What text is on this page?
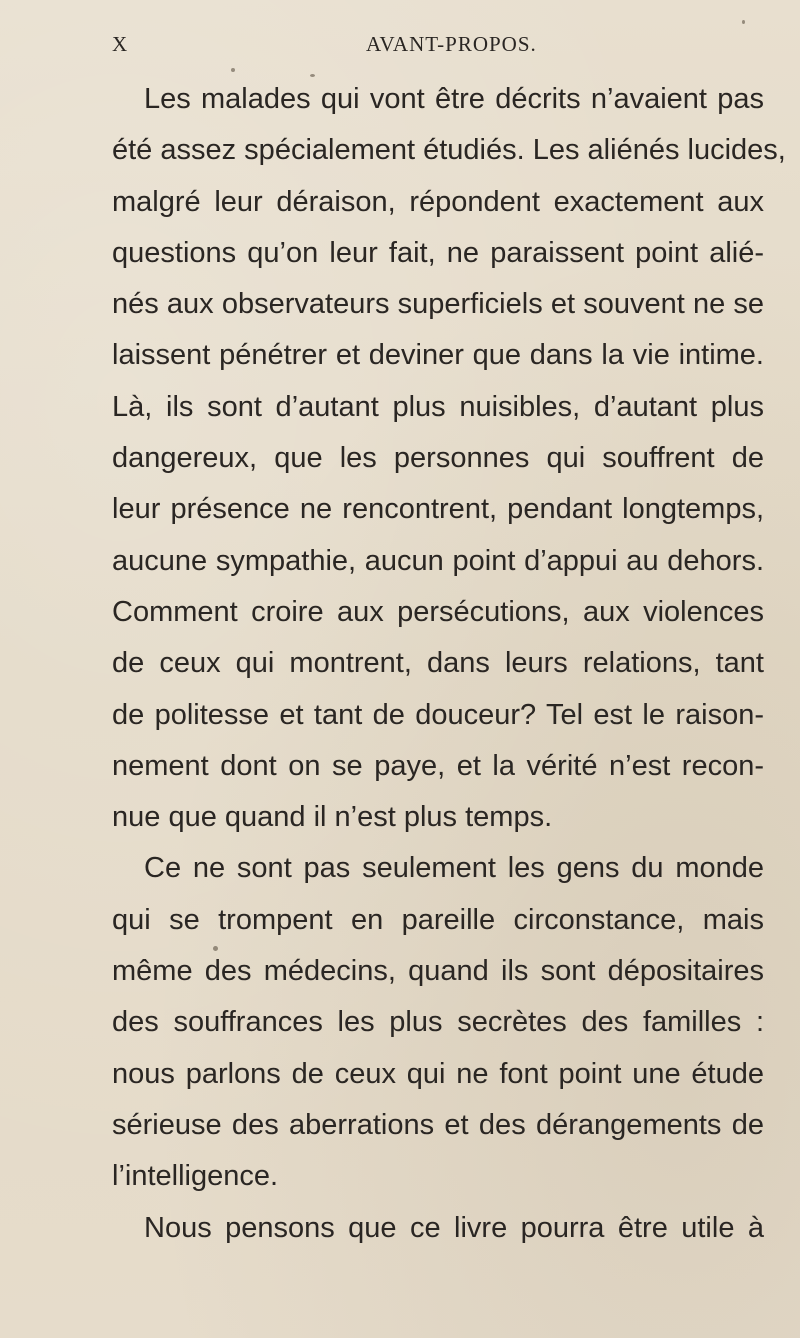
X	AVANT-PROPOS.
Les malades qui vont être décrits n’avaient pas
été assez spécialement étudiés. Les aliénés lucides,
malgré leur déraison, répondent exactement aux
questions qu’on leur fait, ne paraissent point alié-
nés aux observateurs superficiels et souvent ne se
laissent pénétrer et deviner que dans la vie intime.
Là, ils sont d’autant plus nuisibles, d’autant plus
dangereux, que les personnes qui souffrent de
leur présence ne rencontrent, pendant longtemps,
aucune sympathie, aucun point d’appui au dehors.
Comment croire aux persécutions, aux violences
de ceux qui montrent, dans leurs relations, tant
de politesse et tant de douceur? Tel est le raison-
nement dont on se paye, et la vérité n’est recon-
nue que quand il n’est plus temps.
Ce ne sont pas seulement les gens du monde
qui se trompent en pareille circonstance, mais
même des médecins, quand ils sont dépositaires
des souffrances les plus secrètes des familles :
nous parlons de ceux qui ne font point une étude
sérieuse des aberrations et des dérangements de
l’intelligence.
Nous pensons que ce livre pourra être utile à
